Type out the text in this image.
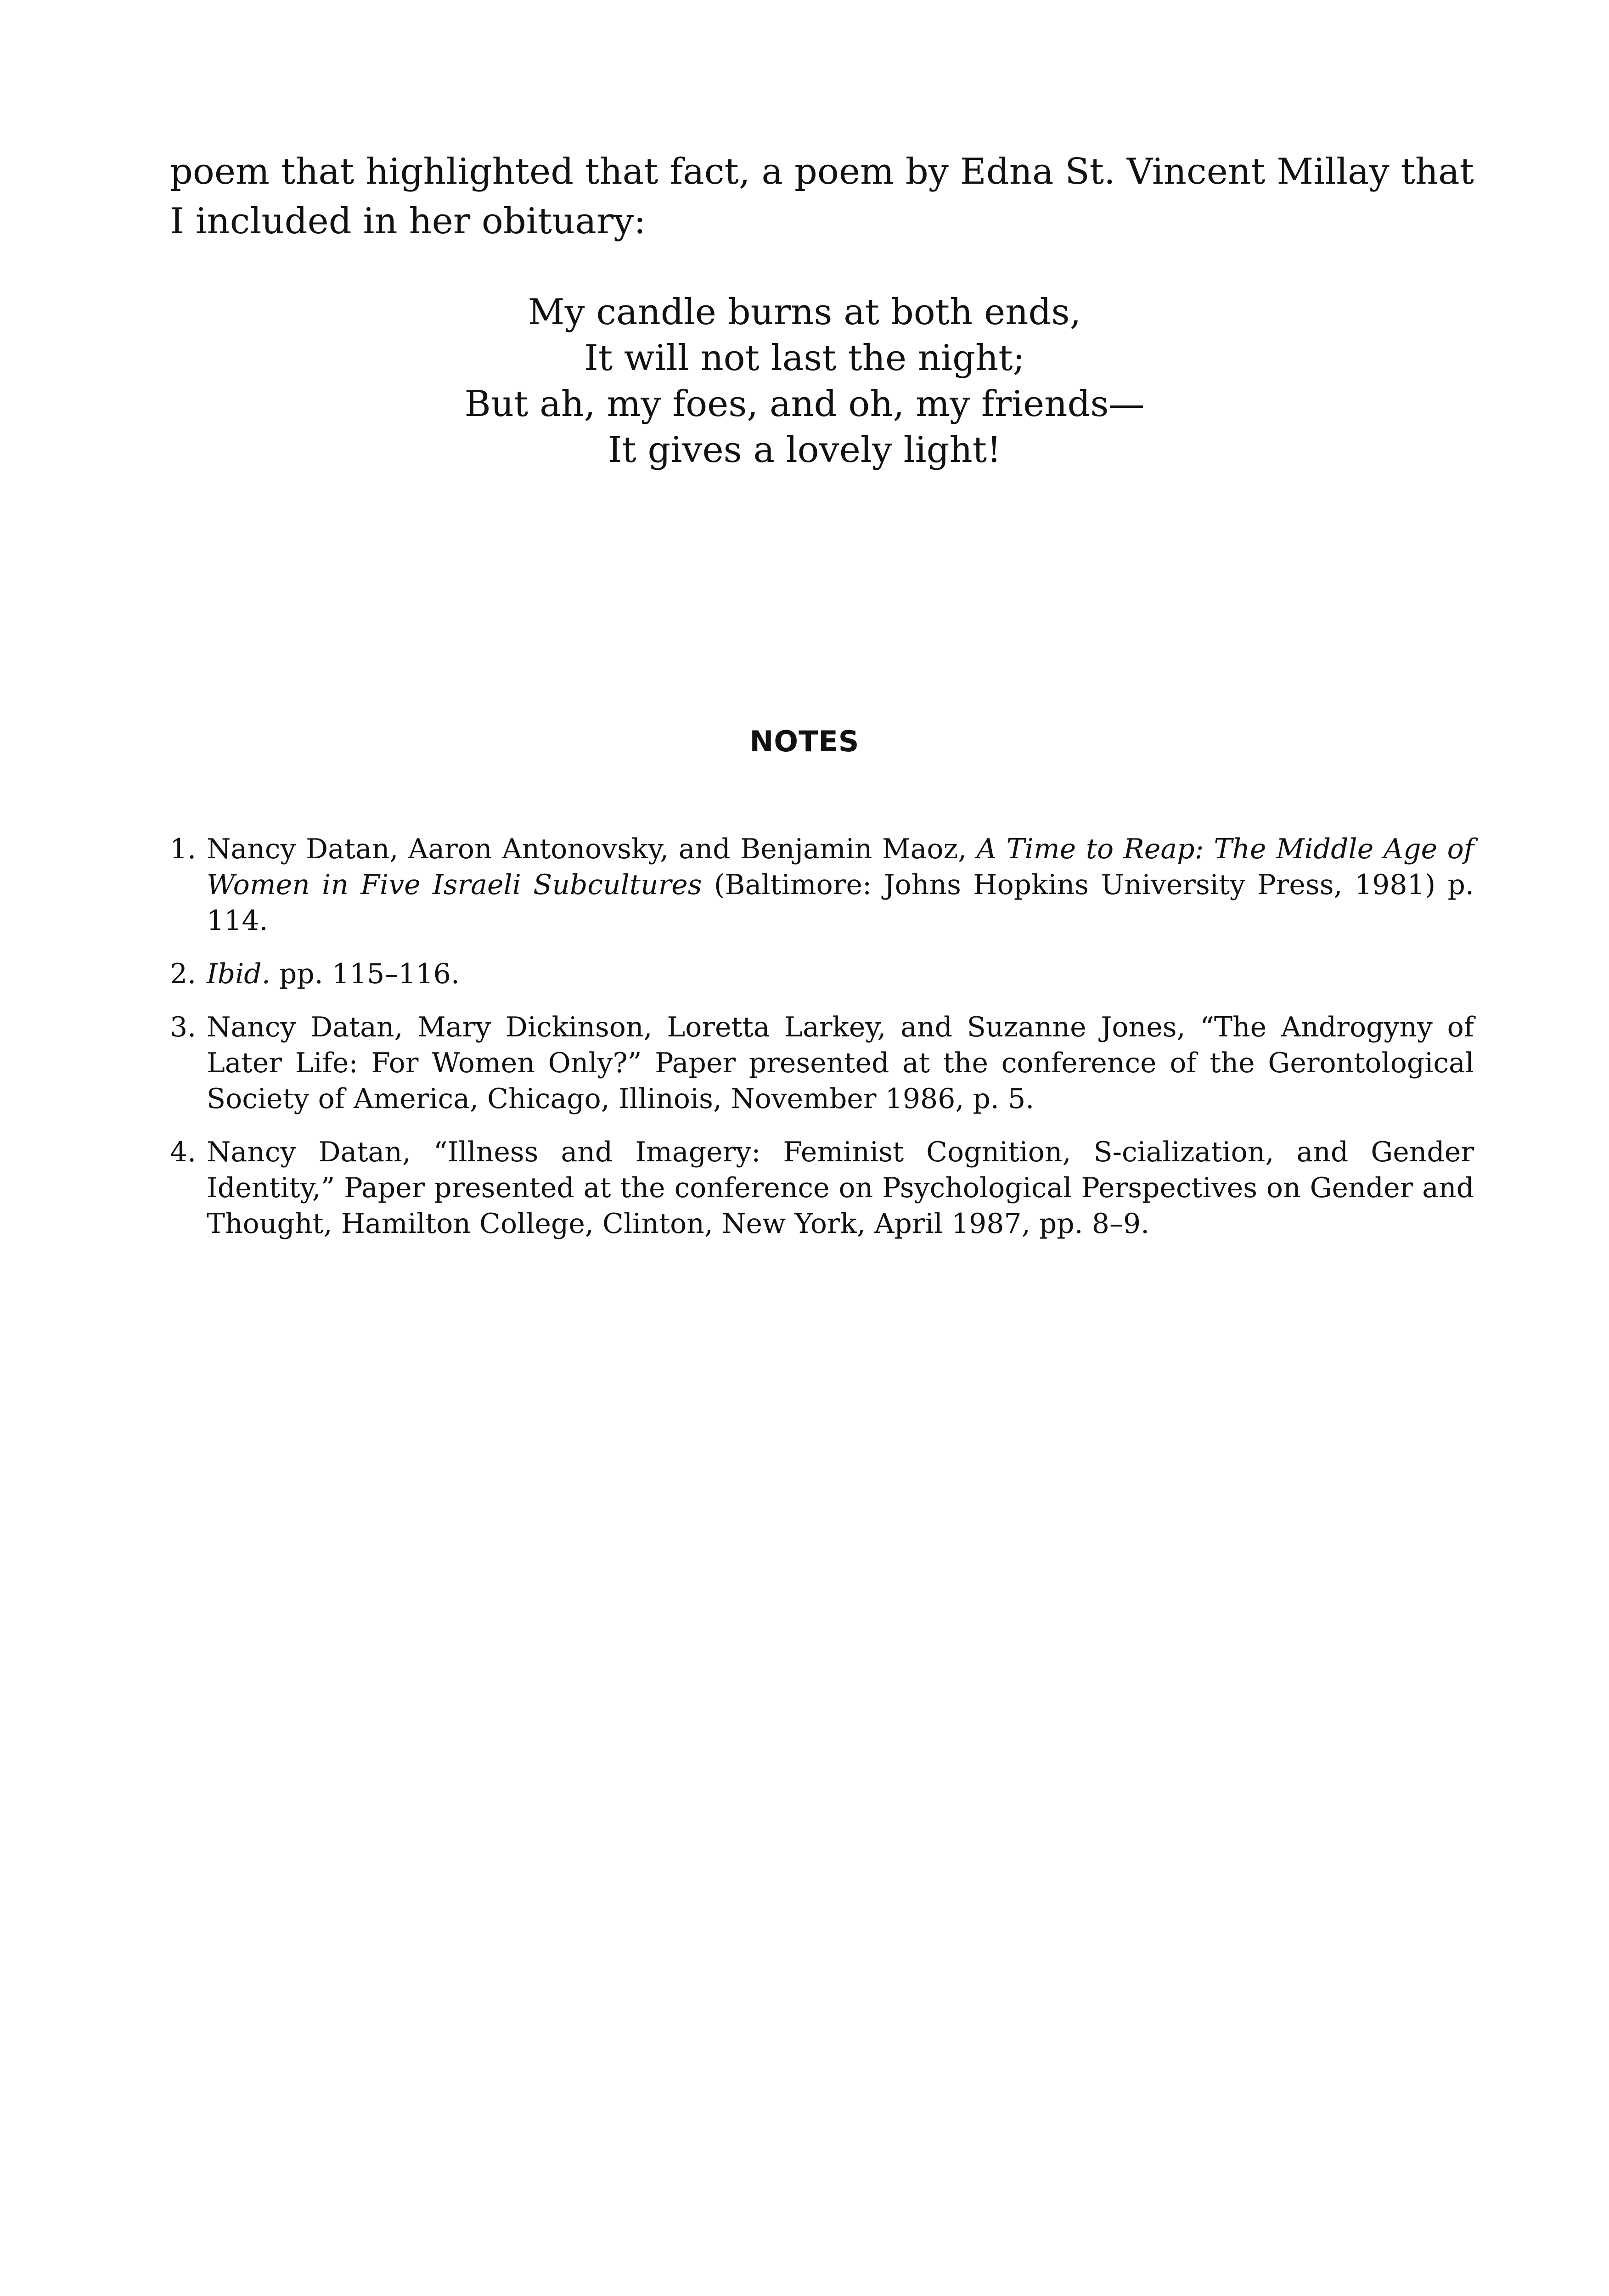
poem that highlighted that fact, a poem by Edna St. Vincent Millay that I included in her obituary:

My candle burns at both ends,
It will not last the night;
But ah, my foes, and oh, my friends—
It gives a lovely light!
NOTES
1. Nancy Datan, Aaron Antonovsky, and Benjamin Maoz, A Time to Reap: The Middle Age of Women in Five Israeli Subcultures (Baltimore: Johns Hopkins University Press, 1981) p. 114.
2. Ibid. pp. 115–116.
3. Nancy Datan, Mary Dickinson, Loretta Larkey, and Suzanne Jones, “The Androgyny of Later Life: For Women Only?” Paper presented at the conference of the Gerontological Society of America, Chicago, Illinois, November 1986, p. 5.
4. Nancy Datan, “Illness and Imagery: Feminist Cognition, S‑cialization, and Gender Identity,” Paper presented at the conference on Psychological Perspectives on Gender and Thought, Hamilton College, Clinton, New York, April 1987, pp. 8–9.
